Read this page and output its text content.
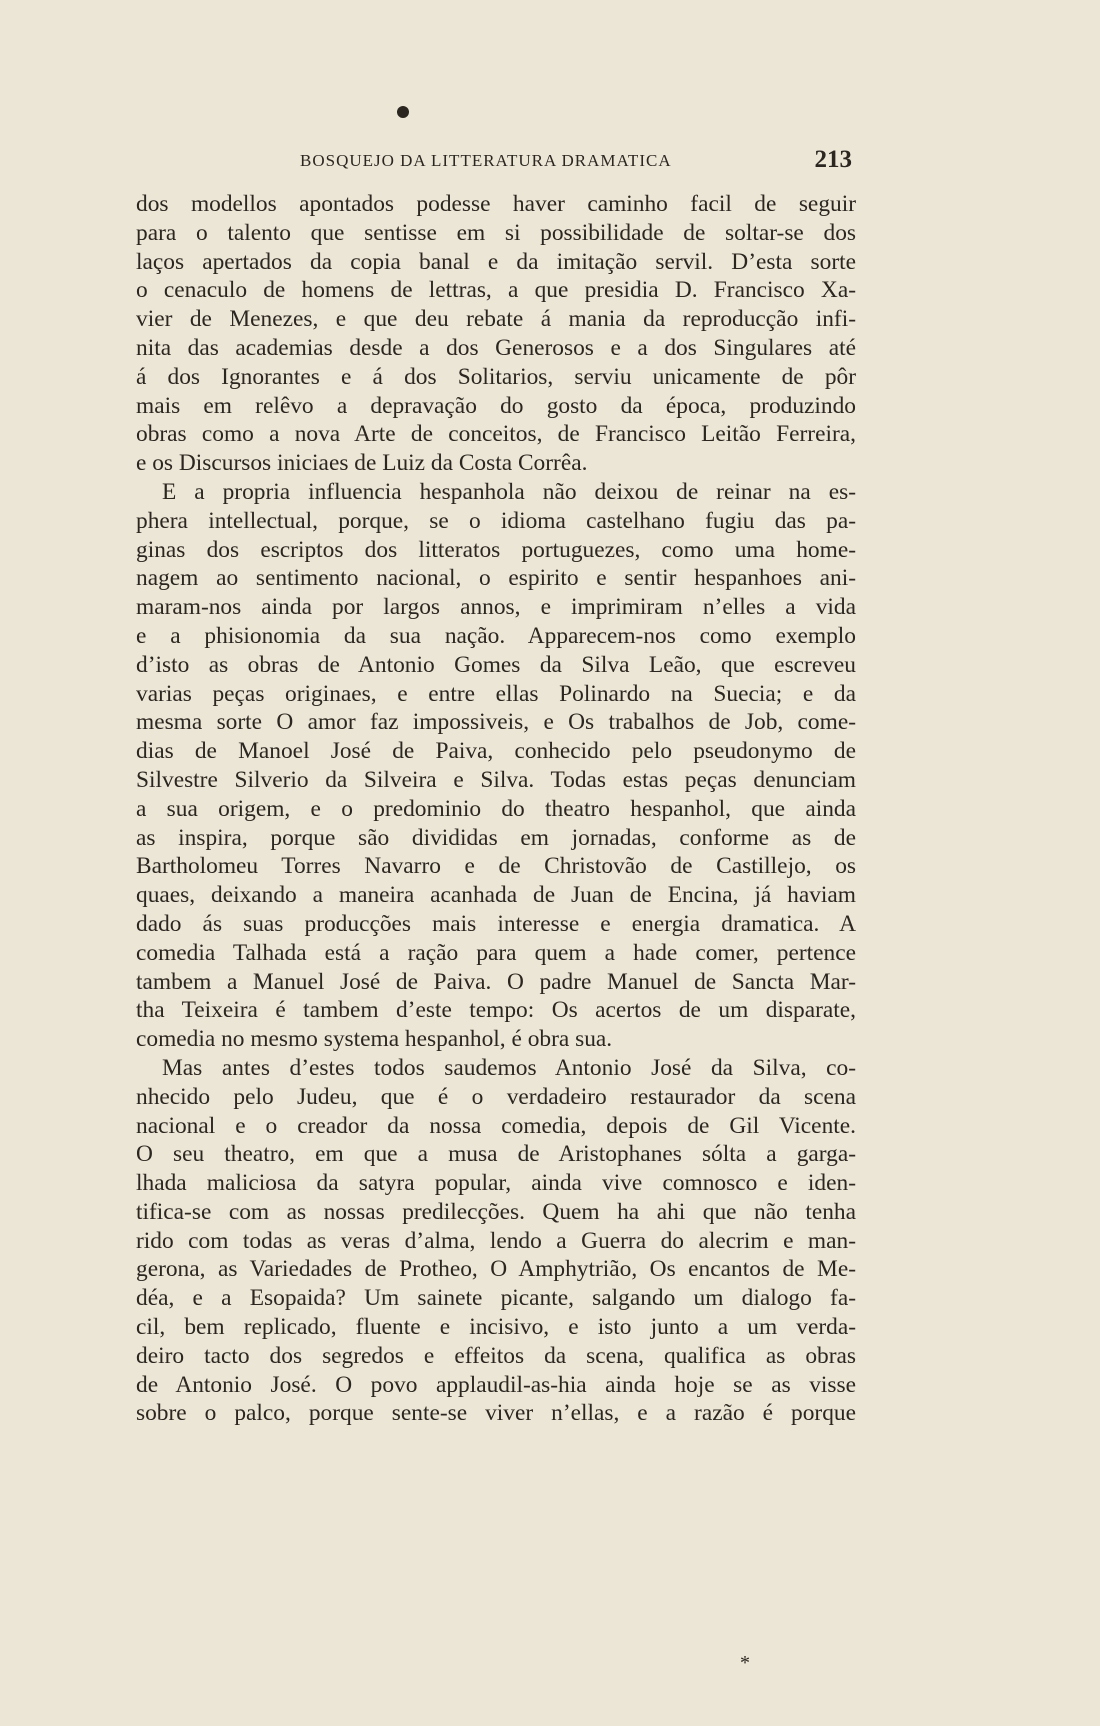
BOSQUEJO DA LITTERATURA DRAMATICA	213
dos modellos apontados podesse haver caminho facil de seguir
para o talento que sentisse em si possibilidade de soltar-se dos
laços apertados da copia banal e da imitação servil. D’esta sorte
o cenaculo de homens de lettras, a que presidia D. Francisco Xa-
vier de Menezes, e que deu rebate á mania da reproducção infi-
nita das academias desde a dos Generosos e a dos Singulares até
á dos Ignorantes e á dos Solitarios, serviu unicamente de pôr
mais em relêvo a depravação do gosto da época, produzindo
obras como a nova Arte de conceitos, de Francisco Leitão Ferreira,
e os Discursos iniciaes de Luiz da Costa Corrêa.
E a propria influencia hespanhola não deixou de reinar na es-
phera intellectual, porque, se o idioma castelhano fugiu das pa-
ginas dos escriptos dos litteratos portuguezes, como uma home-
nagem ao sentimento nacional, o espirito e sentir hespanhoes ani-
maram-nos ainda por largos annos, e imprimiram n’elles a vida
e a phisionomia da sua nação. Apparecem-nos como exemplo
d’isto as obras de Antonio Gomes da Silva Leão, que escreveu
varias peças originaes, e entre ellas Polinardo na Suecia; e da
mesma sorte O amor faz impossiveis, e Os trabalhos de Job, come-
dias de Manoel José de Paiva, conhecido pelo pseudonymo de
Silvestre Silverio da Silveira e Silva. Todas estas peças denunciam
a sua origem, e o predominio do theatro hespanhol, que ainda
as inspira, porque são divididas em jornadas, conforme as de
Bartholomeu Torres Navarro e de Christovão de Castillejo, os
quaes, deixando a maneira acanhada de Juan de Encina, já haviam
dado ás suas producções mais interesse e energia dramatica. A
comedia Talhada está a ração para quem a hade comer, pertence
tambem a Manuel José de Paiva. O padre Manuel de Sancta Mar-
tha Teixeira é tambem d’este tempo: Os acertos de um disparate,
comedia no mesmo systema hespanhol, é obra sua.
Mas antes d’estes todos saudemos Antonio José da Silva, co-
nhecido pelo Judeu, que é o verdadeiro restaurador da scena
nacional e o creador da nossa comedia, depois de Gil Vicente.
O seu theatro, em que a musa de Aristophanes sólta a garga-
lhada maliciosa da satyra popular, ainda vive comnosco e iden-
tifica-se com as nossas predilecções. Quem ha ahi que não tenha
rido com todas as veras d’alma, lendo a Guerra do alecrim e man-
gerona, as Variedades de Protheo, O Amphytrião, Os encantos de Me-
déa, e a Esopaida? Um sainete picante, salgando um dialogo fa-
cil, bem replicado, fluente e incisivo, e isto junto a um verda-
deiro tacto dos segredos e effeitos da scena, qualifica as obras
de Antonio José. O povo applaudil-as-hia ainda hoje se as visse
sobre o palco, porque sente-se viver n’ellas, e a razão é porque
*
